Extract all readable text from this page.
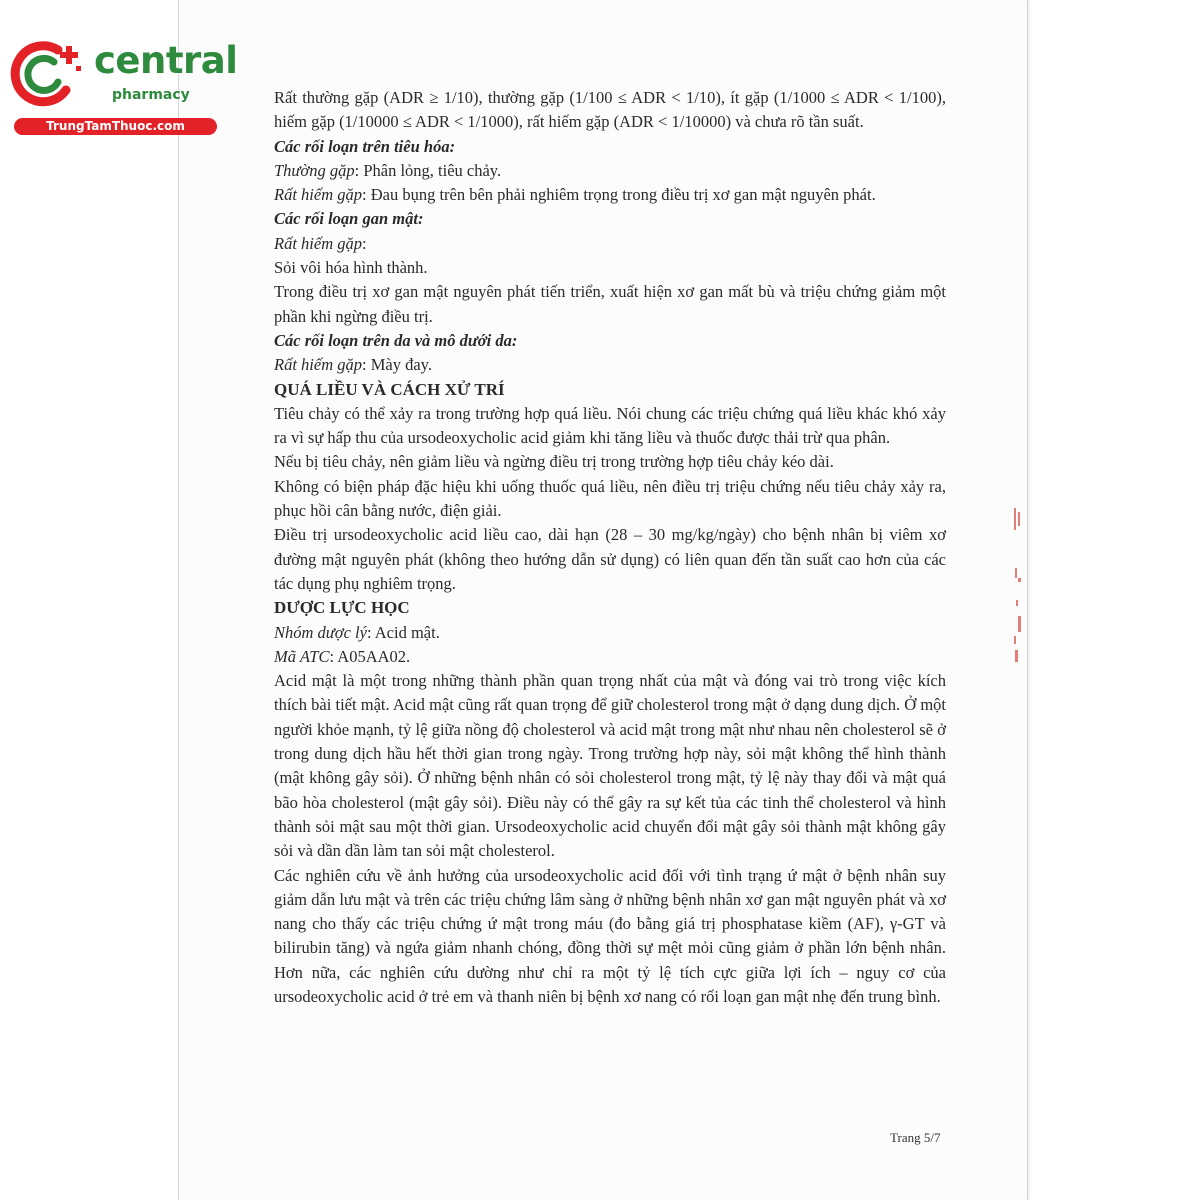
central
pharmacy
TrungTamThuoc.com

Rất thường gặp (ADR ≥ 1/10), thường gặp (1/100 ≤ ADR < 1/10), ít gặp (1/1000 ≤ ADR < 1/100), hiếm gặp (1/10000 ≤ ADR < 1/1000), rất hiếm gặp (ADR < 1/10000) và chưa rõ tần suất.

Các rối loạn trên tiêu hóa:

Thường gặp: Phân lỏng, tiêu chảy.

Rất hiếm gặp: Đau bụng trên bên phải nghiêm trọng trong điều trị xơ gan mật nguyên phát.

Các rối loạn gan mật:

Rất hiếm gặp:

Sỏi vôi hóa hình thành.

Trong điều trị xơ gan mật nguyên phát tiến triển, xuất hiện xơ gan mất bù và triệu chứng giảm một phần khi ngừng điều trị.

Các rối loạn trên da và mô dưới da:

Rất hiếm gặp: Mày đay.

QUÁ LIỀU VÀ CÁCH XỬ TRÍ

Tiêu chảy có thể xảy ra trong trường hợp quá liều. Nói chung các triệu chứng quá liều khác khó xảy ra vì sự hấp thu của ursodeoxycholic acid giảm khi tăng liều và thuốc được thải trừ qua phân.

Nếu bị tiêu chảy, nên giảm liều và ngừng điều trị trong trường hợp tiêu chảy kéo dài.

Không có biện pháp đặc hiệu khi uống thuốc quá liều, nên điều trị triệu chứng nếu tiêu chảy xảy ra, phục hồi cân bằng nước, điện giải.

Điều trị ursodeoxycholic acid liều cao, dài hạn (28 – 30 mg/kg/ngày) cho bệnh nhân bị viêm xơ đường mật nguyên phát (không theo hướng dẫn sử dụng) có liên quan đến tần suất cao hơn của các tác dụng phụ nghiêm trọng.

DƯỢC LỰC HỌC

Nhóm dược lý: Acid mật.

Mã ATC: A05AA02.

Acid mật là một trong những thành phần quan trọng nhất của mật và đóng vai trò trong việc kích thích bài tiết mật. Acid mật cũng rất quan trọng để giữ cholesterol trong mật ở dạng dung dịch. Ở một người khỏe mạnh, tỷ lệ giữa nồng độ cholesterol và acid mật trong mật như nhau nên cholesterol sẽ ở trong dung dịch hầu hết thời gian trong ngày. Trong trường hợp này, sỏi mật không thể hình thành (mật không gây sỏi). Ở những bệnh nhân có sỏi cholesterol trong mật, tỷ lệ này thay đổi và mật quá bão hòa cholesterol (mật gây sỏi). Điều này có thể gây ra sự kết tủa các tinh thể cholesterol và hình thành sỏi mật sau một thời gian. Ursodeoxycholic acid chuyển đổi mật gây sỏi thành mật không gây sỏi và dần dần làm tan sỏi mật cholesterol.

Các nghiên cứu về ảnh hưởng của ursodeoxycholic acid đối với tình trạng ứ mật ở bệnh nhân suy giảm dẫn lưu mật và trên các triệu chứng lâm sàng ở những bệnh nhân xơ gan mật nguyên phát và xơ nang cho thấy các triệu chứng ứ mật trong máu (đo bằng giá trị phosphatase kiềm (AF), γ-GT và bilirubin tăng) và ngứa giảm nhanh chóng, đồng thời sự mệt mỏi cũng giảm ở phần lớn bệnh nhân. Hơn nữa, các nghiên cứu dường như chỉ ra một tỷ lệ tích cực giữa lợi ích – nguy cơ của ursodeoxycholic acid ở trẻ em và thanh niên bị bệnh xơ nang có rối loạn gan mật nhẹ đến trung bình.

Trang 5/7
